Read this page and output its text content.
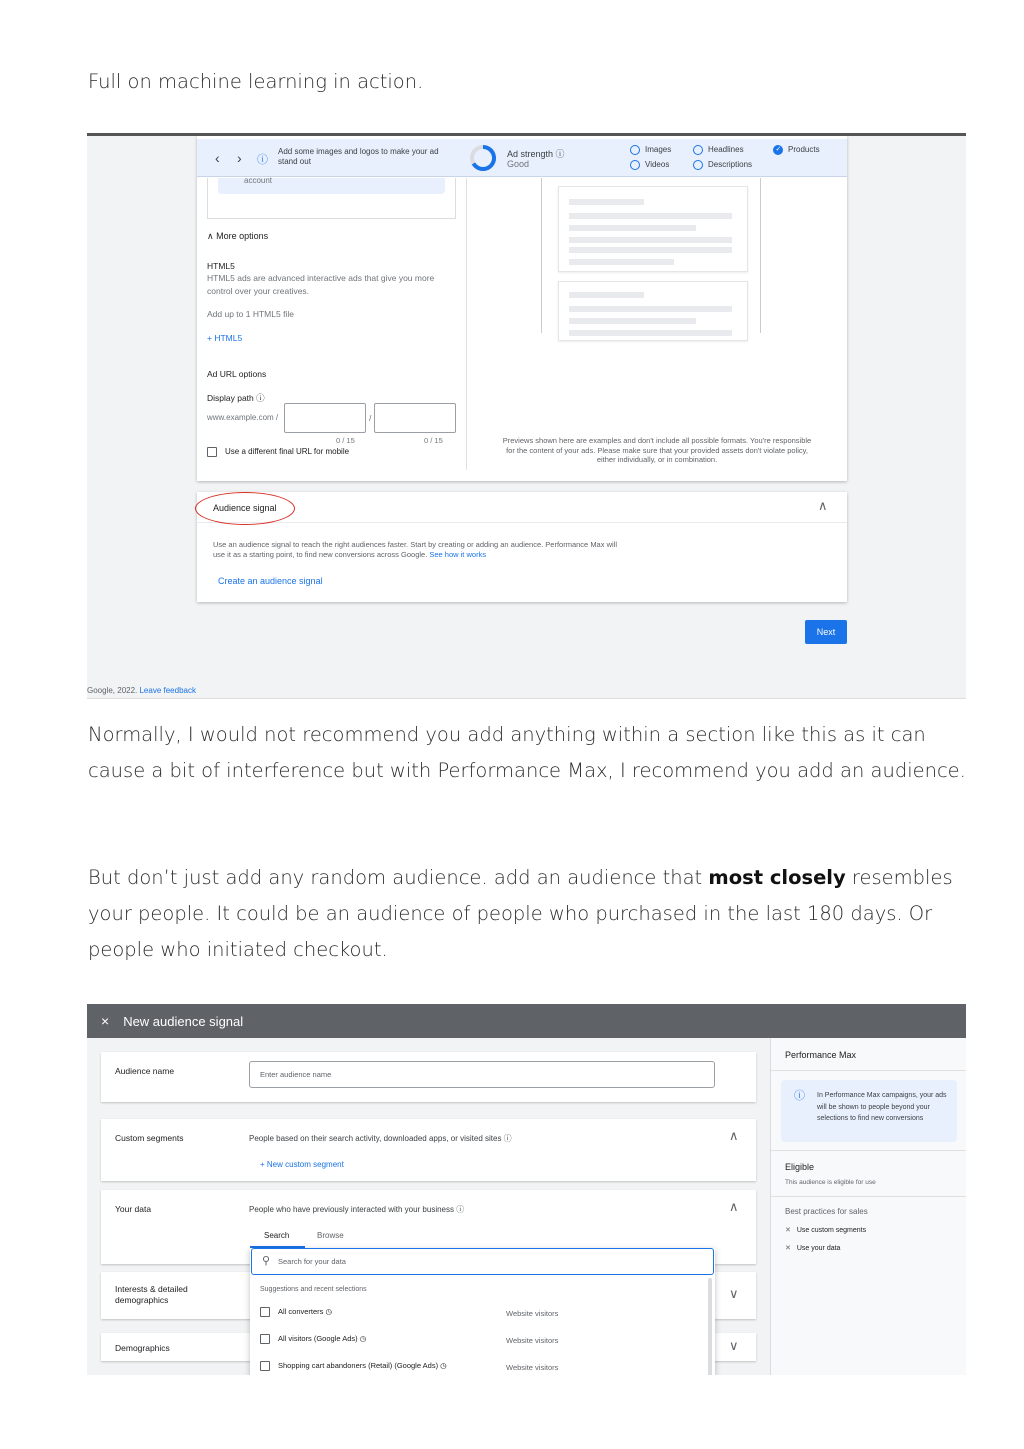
Full on machine learning in action.

‹ › ⓘ
Add some images and logos to make your ad
stand out
Ad strength ⓘ
Good
Images
Videos
Headlines
Descriptions
✓Products
account
∧ More options
HTML5
HTML5 ads are advanced interactive ads that give you more
control over your creatives.
Add up to 1 HTML5 file
+ HTML5
Ad URL options
Display path ⓘ
www.example.com /	/
0 / 15	0 / 15
Use a different final URL for mobile
Previews shown here are examples and don't include all possible formats. You're responsible
for the content of your ads. Please make sure that your provided assets don't violate policy,
either individually, or in combination.
Audience signal	∧
Use an audience signal to reach the right audiences faster. Start by creating or adding an audience. Performance Max will
use it as a starting point, to find new conversions across Google. See how it works
Create an audience signal
Next
Google, 2022. Leave feedback

Normally, I would not recommend you add anything within a section like this as it can cause a bit of interference but with Performance Max, I recommend you add an audience.

But don’t just add any random audience. add an audience that most closely resembles your people. It could be an audience of people who purchased in the last 180 days. Or people who initiated checkout.

× New audience signal
Audience name	Enter audience name
Custom segments	People based on their search activity, downloaded apps, or visited sites ⓘ
+ New custom segment
∧
Your data	People who have previously interacted with your business ⓘ	∧
Search	Browse
Interests & detailed
demographics	∨
Demographics	∨
⚲ Search for your data
Suggestions and recent selections
All converters ◷	Website visitors
All visitors (Google Ads) ◷	Website visitors
Shopping cart abandoners (Retail) (Google Ads) ◷	Website visitors
Performance Max
ⓘ In Performance Max campaigns, your ads will be shown to people beyond your selections to find new conversions
Eligible
This audience is eligible for use
Best practices for sales
✕ Use custom segments
✕ Use your data
